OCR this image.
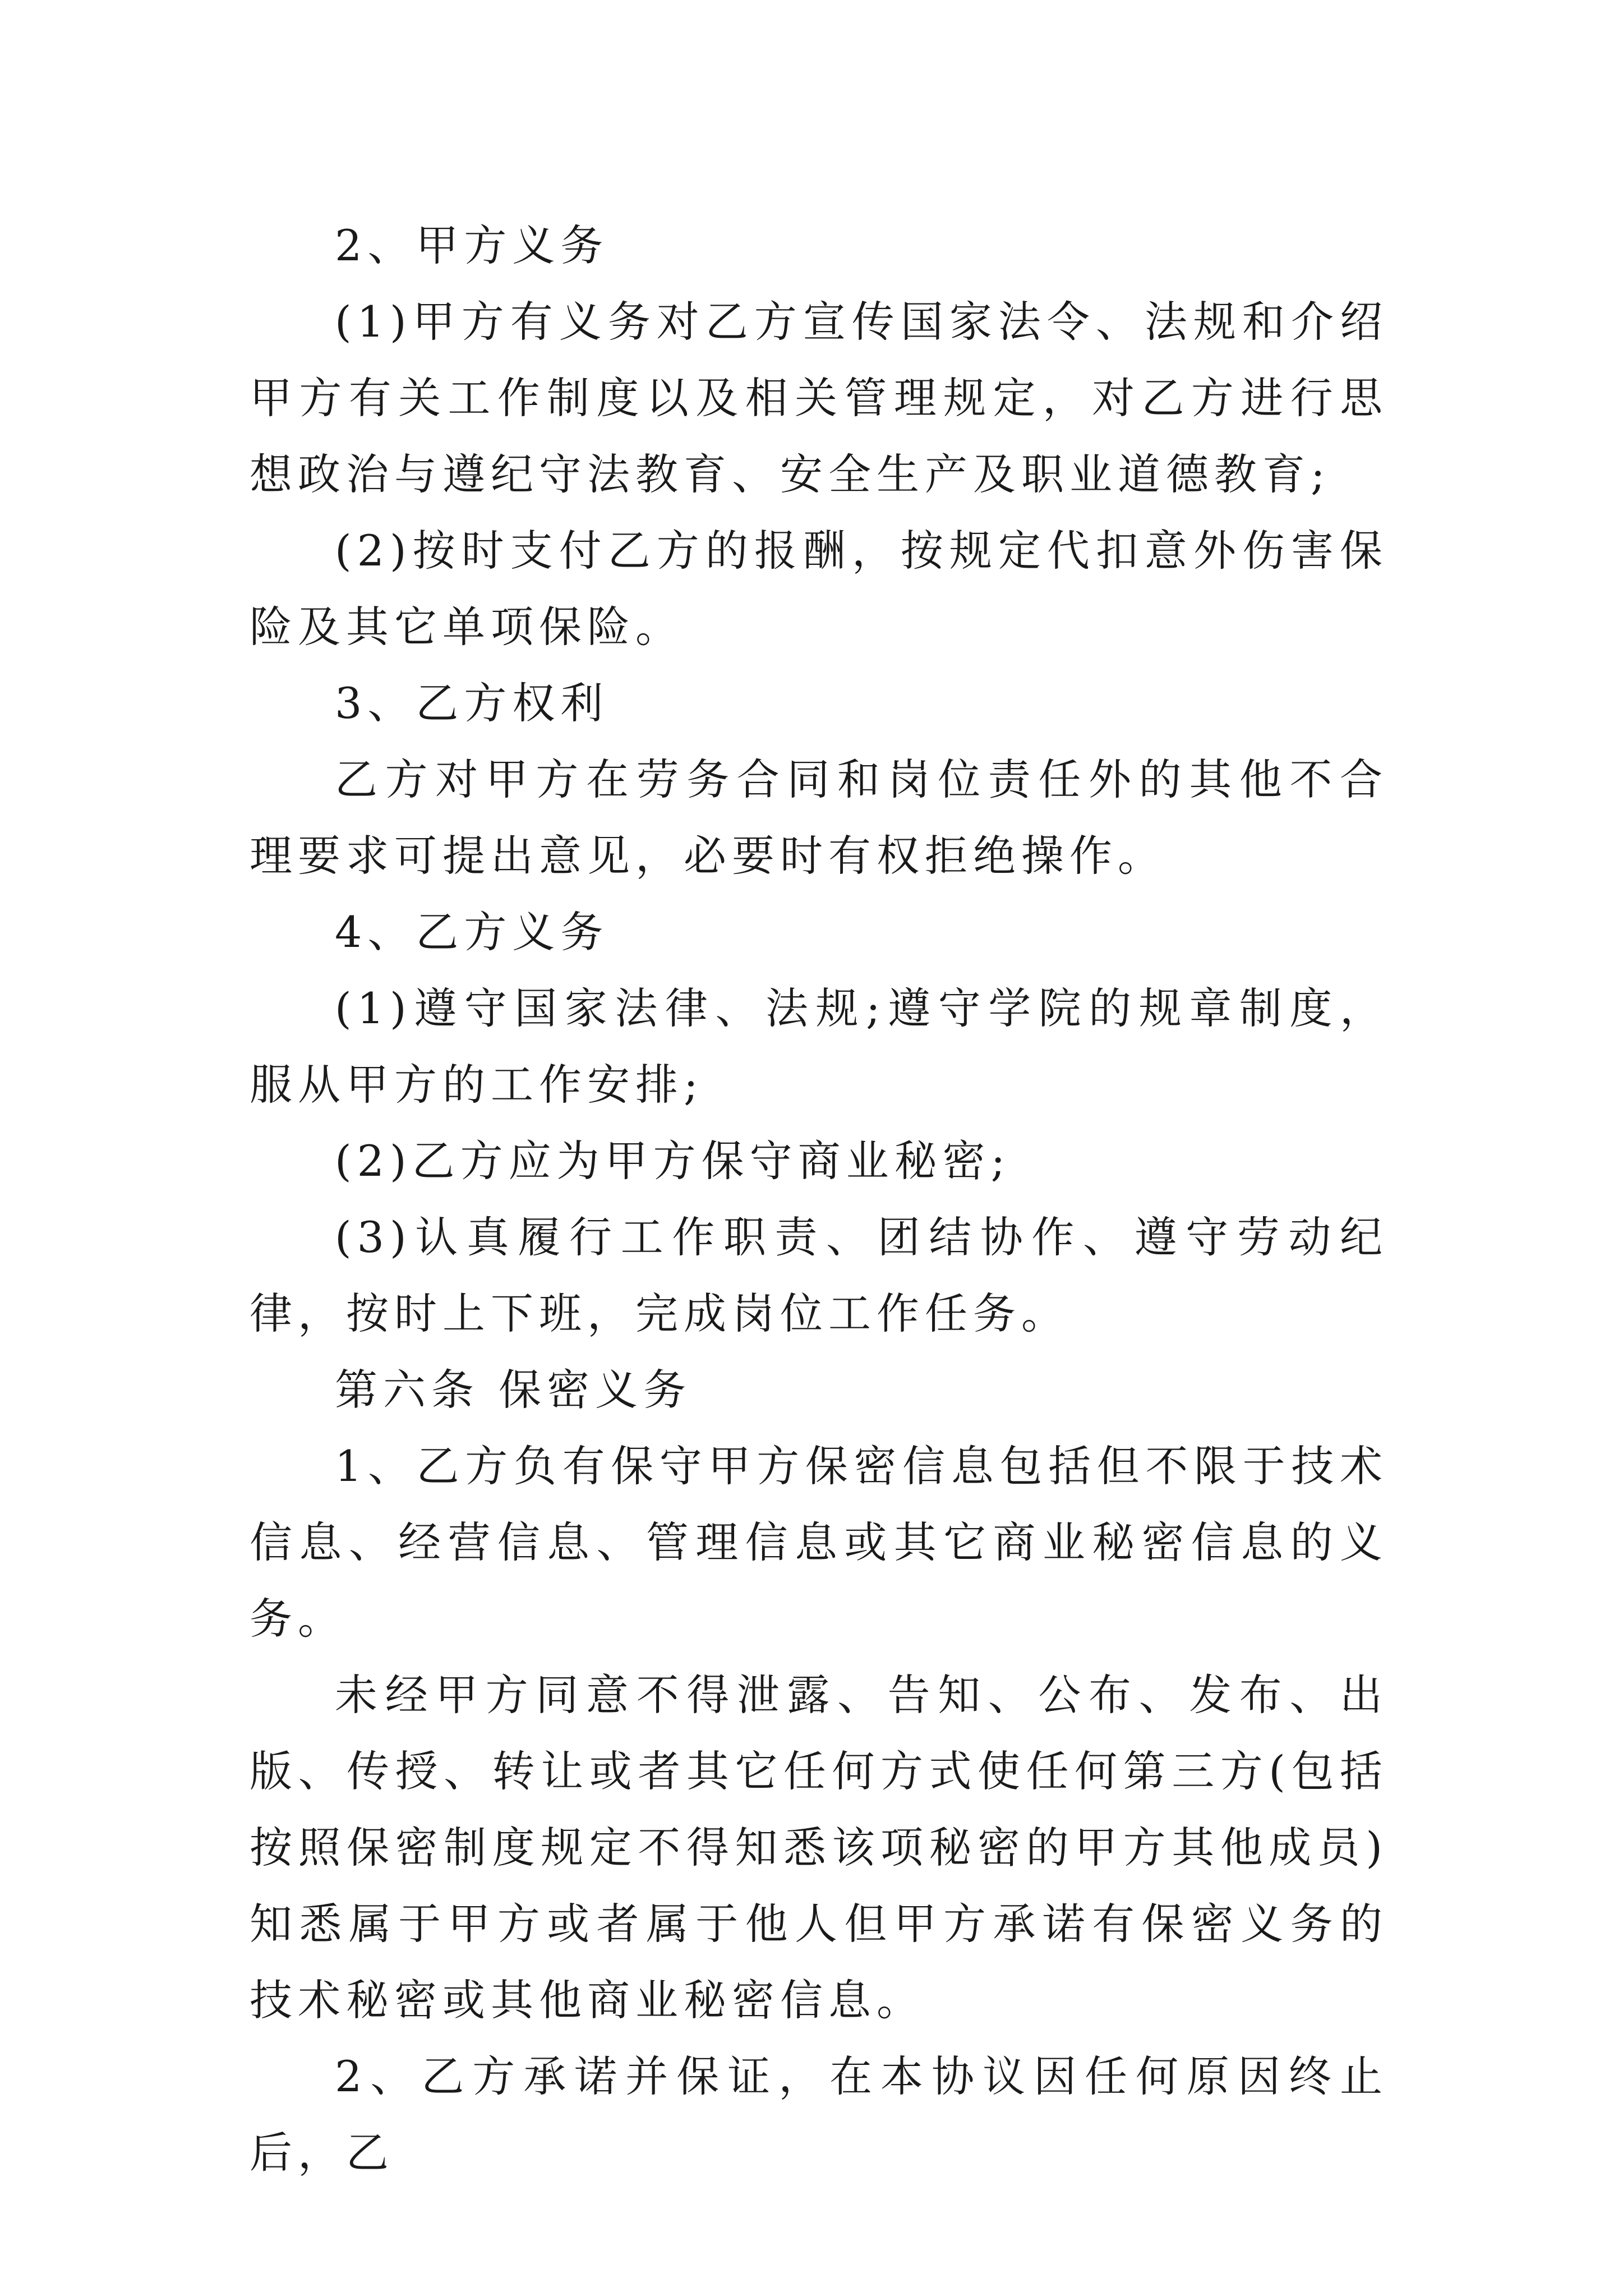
2、甲方义务

(1)甲方有义务对乙方宣传国家法令、法规和介绍甲方有关工作制度以及相关管理规定，对乙方进行思想政治与遵纪守法教育、安全生产及职业道德教育;

(2)按时支付乙方的报酬，按规定代扣意外伤害保险及其它单项保险。

3、乙方权利

乙方对甲方在劳务合同和岗位责任外的其他不合理要求可提出意见，必要时有权拒绝操作。

4、乙方义务

(1)遵守国家法律、法规;遵守学院的规章制度，服从甲方的工作安排;

(2)乙方应为甲方保守商业秘密;

(3)认真履行工作职责、团结协作、遵守劳动纪律，按时上下班，完成岗位工作任务。

第六条 保密义务

1、乙方负有保守甲方保密信息包括但不限于技术信息、经营信息、管理信息或其它商业秘密信息的义务。

未经甲方同意不得泄露、告知、公布、发布、出版、传授、转让或者其它任何方式使任何第三方(包括按照保密制度规定不得知悉该项秘密的甲方其他成员)知悉属于甲方或者属于他人但甲方承诺有保密义务的技术秘密或其他商业秘密信息。

2、乙方承诺并保证，在本协议因任何原因终止后，乙
